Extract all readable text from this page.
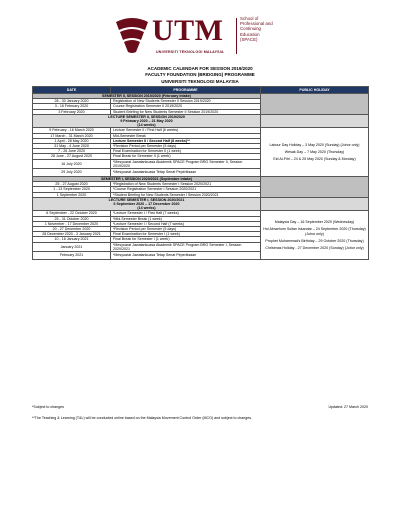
UTM
UNIVERSITI TEKNOLOGI MALAYSIA
School of
Professional and
Continuing
Education
(SPACE)
ACADEMIC CALENDAR FOR SESSION 2019/2020
FACULTY FOUNDATION (BRIDGING) PROGRAMME
UNIVERSITI TEKNOLOGI MALAYSIA
DATE	PROGRAMME	PUBLIC HOLIDAY
SEMESTER II, SESSION 2019/2020 (February intake)		
28 - 30 January 2020	Registration of New Students Semester II Session 2019/2020	
3 - 16 February 2020	Course Registration Semester II 2019/2020	
3 February 2020	Student Briefing for New Students Semester II Session 2019/2020	

LECTURE SEMESTER II, SESSION 2019/2020
9 February 2020 – 21 May 2020
(14 weeks)		

9 February - 16 March 2020	Lecture Semester II / First Half (6 weeks)	Labour Day Holiday – 3 May 2020 (Sunday) (Johor only)

Wesak Day – 7 May 2020 (Thursday)

Eid Al-Fitri – 24 & 25 May 2020 (Sunday & Monday)

17 March - 31 March 2020	Mid-Semester Break	
1 April - 28 May 2020	Lecture Semester II / Second Half (8 weeks)**	
31 May - 4 June 2020	*Revision Period per Semester (5 days)	
7 - 26 June 2020	Final Examination for Semester II (1 week)	
28 June - 27 August 2020	Final Break for Semester II (1 week)	
16 July 2020	*Mesyuarat Jawatankuasa Akademik SPACE Program BRG Semester II, Session 2019/2020	
29 July 2020	*Mesyuarat Jawatankuasa Tetap Senat Peperiksaan	
SEMESTER I, SESSION 2020/2021 (September intake)		
25 - 27 August 2020	*Registration of New Students Semester I Session 2020/2021	
1 - 13 September 2020	*Course Registration Semester I Session 2020/2021	
1 September 2020	*Student Briefing for New Students Semester I Session 2020/2021	

LECTURE SEMESTER I, SESSION 2020/2021
6 September 2020 – 17 December 2020
(14 weeks)		

6 September - 22 October 2020	*Lecture Semester I / First Half (7 weeks)	Malaysia Day – 16 September 2020 (Wednesday)

Hol Almarhum Sultan Iskandar – 24 September 2020 (Thursday) (Johor only)

Prophet Muhammad's Birthday – 29 October 2020 (Thursday)

Christmas Holiday - 27 December 2020 (Sunday) (Johor only)

25 - 31 October 2020	*Mid-Semester Break (1 week)	
1 November - 17 December 2020	*Lecture Semester I / Second Half (7 weeks)	
20 - 27 December 2020	*Revision Period per Semester (5 days)	
28 December 2020 - 3 January 2021	Final Examination for Semester I (1 week)	
10 - 16 January 2021	Final Break for Semester I (1 week)	
January 2021	*Mesyuarat Jawatankuasa Akademik SPACE Program BRG Semester I, Session 2020/2021	
February 2021	*Mesyuarat Jawatankuasa Tetap Senat Peperiksaan	
*Subject to changes	Updated: 27 March 2020
**The Teaching & Learning (T&L) will be conducted online based on the Malaysia Movement Control Order (MCO) and subject to changes.
